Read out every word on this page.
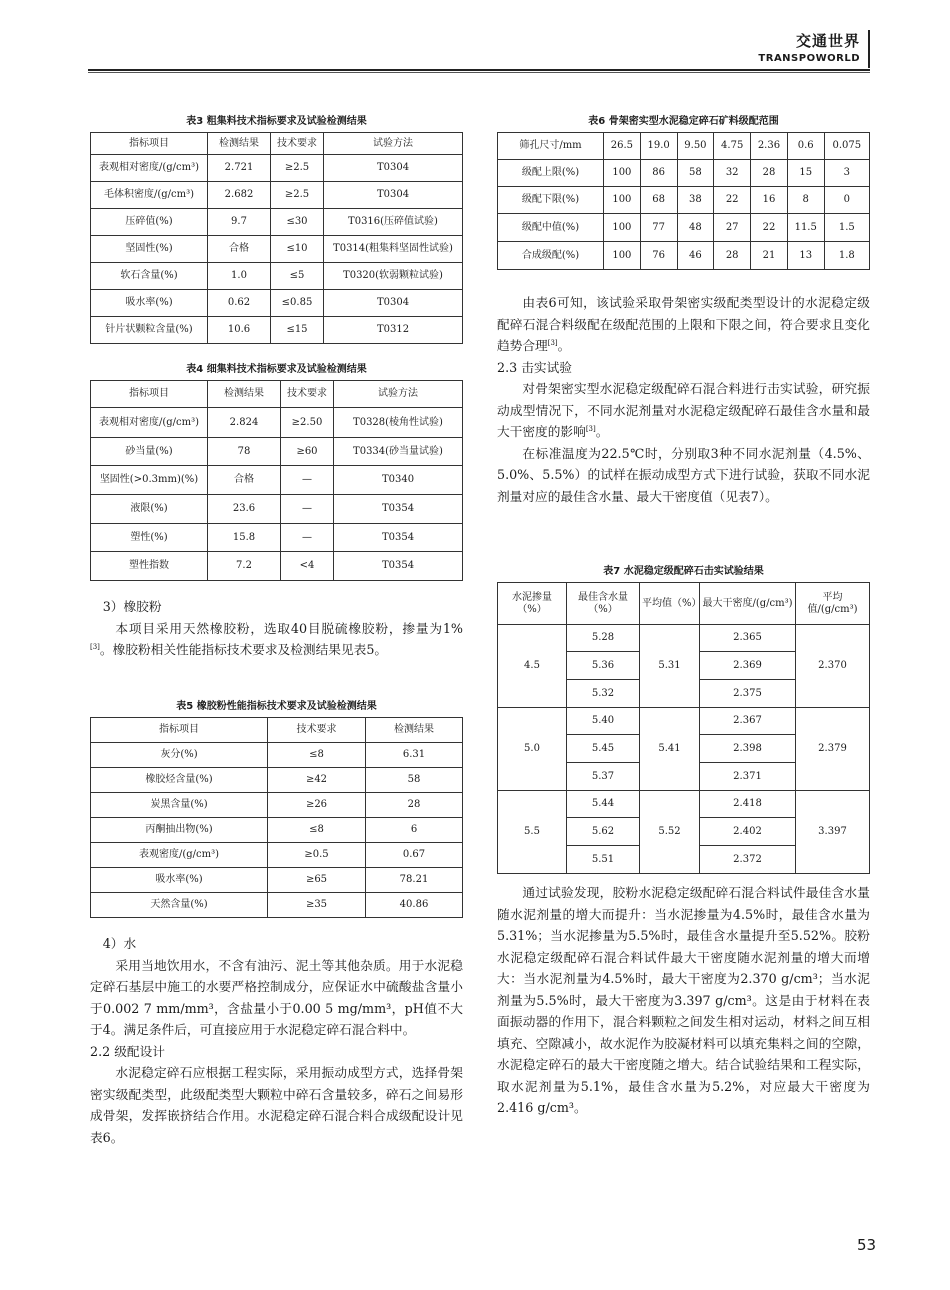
交通世界
TRANSPOWORLD
表3 粗集料技术指标要求及试验检测结果
指标项目	检测结果	技术要求	试验方法
表观相对密度/(g/cm³)	2.721	≥2.5	T0304
毛体积密度/(g/cm³)	2.682	≥2.5	T0304
压碎值(%)	9.7	≤30	T0316(压碎值试验)
坚固性(%)	合格	≤10	T0314(粗集料坚固性试验)
软石含量(%)	1.0	≤5	T0320(软弱颗粒试验)
吸水率(%)	0.62	≤0.85	T0304
针片状颗粒含量(%)	10.6	≤15	T0312
表4 细集料技术指标要求及试验检测结果
指标项目	检测结果	技术要求	试验方法
表观相对密度/(g/cm³)	2.824	≥2.50	T0328(棱角性试验)
砂当量(%)	78	≥60	T0334(砂当量试验)
坚固性(>0.3mm)(%)	合格	—	T0340
液限(%)	23.6	—	T0354
塑性(%)	15.8	—	T0354
塑性指数	7.2	<4	T0354

3）橡胶粉

本项目采用天然橡胶粉，选取40目脱硫橡胶粉，掺量为1%[3]。橡胶粉相关性能指标技术要求及检测结果见表5。

表5 橡胶粉性能指标技术要求及试验检测结果
指标项目	技术要求	检测结果
灰分(%)	≤8	6.31
橡胶烃含量(%)	≥42	58
炭黑含量(%)	≥26	28
丙酮抽出物(%)	≤8	6
表观密度/(g/cm³)	≥0.5	0.67
吸水率(%)	≥65	78.21
天然含量(%)	≥35	40.86

4）水

采用当地饮用水，不含有油污、泥土等其他杂质。用于水泥稳定碎石基层中施工的水要严格控制成分，应保证水中硫酸盐含量小于0.002 7 mm/mm³，含盐量小于0.00 5 mg/mm³，pH值不大于4。满足条件后，可直接应用于水泥稳定碎石混合料中。

2.2 级配设计

水泥稳定碎石应根据工程实际，采用振动成型方式，选择骨架密实级配类型，此级配类型大颗粒中碎石含量较多，碎石之间易形成骨架，发挥嵌挤结合作用。水泥稳定碎石混合料合成级配设计见表6。

表6 骨架密实型水泥稳定碎石矿料级配范围
筛孔尺寸/mm	26.5	19.0	9.50	4.75	2.36	0.6	0.075
级配上限(%)	100	86	58	32	28	15	3
级配下限(%)	100	68	38	22	16	8	0
级配中值(%)	100	77	48	27	22	11.5	1.5
合成级配(%)	100	76	46	28	21	13	1.8

由表6可知，该试验采取骨架密实级配类型设计的水泥稳定级配碎石混合料级配在级配范围的上限和下限之间，符合要求且变化趋势合理[3]。

2.3 击实试验

对骨架密实型水泥稳定级配碎石混合料进行击实试验，研究振动成型情况下，不同水泥剂量对水泥稳定级配碎石最佳含水量和最大干密度的影响[3]。

在标准温度为22.5℃时，分别取3种不同水泥剂量（4.5%、5.0%、5.5%）的试样在振动成型方式下进行试验，获取不同水泥剂量对应的最佳含水量、最大干密度值（见表7）。

表7 水泥稳定级配碎石击实试验结果
水泥掺量（%）	最佳含水量（%）	平均值（%）	最大干密度/(g/cm³)	平均值/(g/cm³)
4.5	5.28	5.31	2.365	2.370
	5.36		2.369	
	5.32		2.375	
5.0	5.40	5.41	2.367	2.379
	5.45		2.398	
	5.37		2.371	
5.5	5.44	5.52	2.418	3.397
	5.62		2.402	
	5.51		2.372	

通过试验发现，胶粉水泥稳定级配碎石混合料试件最佳含水量随水泥剂量的增大而提升：当水泥掺量为4.5%时，最佳含水量为5.31%；当水泥掺量为5.5%时，最佳含水量提升至5.52%。胶粉水泥稳定级配碎石混合料试件最大干密度随水泥剂量的增大而增大：当水泥剂量为4.5%时，最大干密度为2.370 g/cm³；当水泥剂量为5.5%时，最大干密度为3.397 g/cm³。这是由于材料在表面振动器的作用下，混合料颗粒之间发生相对运动，材料之间互相填充、空隙减小，故水泥作为胶凝材料可以填充集料之间的空隙，水泥稳定碎石的最大干密度随之增大。结合试验结果和工程实际，取水泥剂量为5.1%，最佳含水量为5.2%，对应最大干密度为2.416 g/cm³。

53
